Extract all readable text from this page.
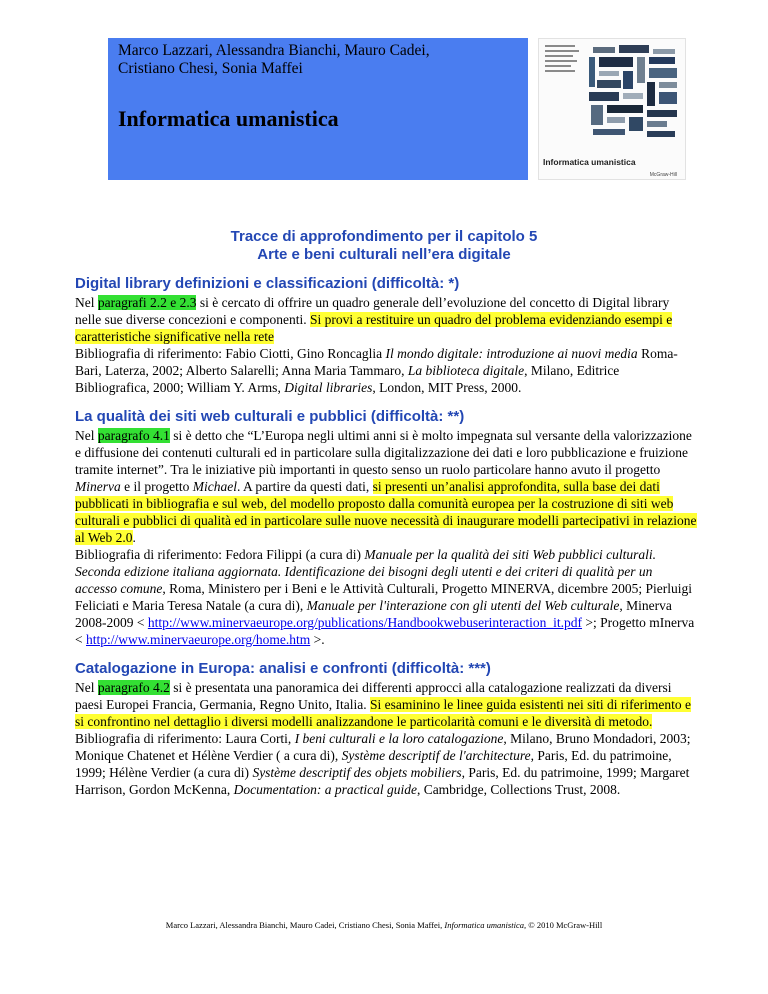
Marco Lazzari, Alessandra Bianchi, Mauro Cadei,
Cristiano Chesi, Sonia Maffei
Informatica umanistica
Informatica umanistica
McGraw-Hill
Tracce di approfondimento per il capitolo 5
Arte e beni culturali nell’era digitale
Digital library definizioni e classificazioni (difficoltà: *)

Nel paragrafi 2.2 e 2.3 si è cercato di offrire un quadro generale dell’evoluzione del concetto di Digital library nelle sue diverse concezioni e componenti. Si provi a restituire un quadro del problema evidenziando esempi e caratteristiche significative nella rete

Bibliografia di riferimento: Fabio Ciotti, Gino Roncaglia Il mondo digitale: introduzione ai nuovi media Roma-Bari, Laterza, 2002; Alberto Salarelli; Anna Maria Tammaro, La biblioteca digitale, Milano, Editrice Bibliografica, 2000; William Y. Arms, Digital libraries, London, MIT Press, 2000.

La qualità dei siti web culturali e pubblici (difficoltà: **)

Nel paragrafo 4.1 si è detto che “L’Europa negli ultimi anni si è molto impegnata sul versante della valorizzazione e diffusione dei contenuti culturali ed in particolare sulla digitalizzazione dei dati e loro pubblicazione e fruizione tramite internet”. Tra le iniziative più importanti in questo senso un ruolo particolare hanno avuto il progetto Minerva e il progetto Michael. A partire da questi dati, si presenti un’analisi approfondita, sulla base dei dati pubblicati in bibliografia e sul web, del modello proposto dalla comunità europea per la costruzione di siti web culturali e pubblici di qualità ed in particolare sulle nuove necessità di inaugurare modelli partecipativi in relazione al Web 2.0.

Bibliografia di riferimento: Fedora Filippi (a cura di) Manuale per la qualità dei siti Web pubblici culturali. Seconda edizione italiana aggiornata. Identificazione dei bisogni degli utenti e dei criteri di qualità per un accesso comune, Roma, Ministero per i Beni e le Attività Culturali, Progetto MINERVA, dicembre 2005; Pierluigi Feliciati e Maria Teresa Natale (a cura di), Manuale per l'interazione con gli utenti del Web culturale, Minerva 2008-2009 < http://www.minervaeurope.org/publications/Handbookwebuserinteraction_it.pdf >; Progetto mInerva < http://www.minervaeurope.org/home.htm >.

Catalogazione in Europa: analisi e confronti (difficoltà: ***)

Nel paragrafo 4.2 si è presentata una panoramica dei differenti approcci alla catalogazione realizzati da diversi paesi Europei Francia, Germania, Regno Unito, Italia. Si esaminino le linee guida esistenti nei siti di riferimento e si confrontino nel dettaglio i diversi modelli analizzandone le particolarità comuni e le diversità di metodo.

Bibliografia di riferimento: Laura Corti, I beni culturali e la loro catalogazione, Milano, Bruno Mondadori, 2003; Monique Chatenet et Hélène Verdier ( a cura di), Système descriptif de l'architecture, Paris, Ed. du patrimoine, 1999; Hélène Verdier (a cura di) Système descriptif des objets mobiliers, Paris, Ed. du patrimoine, 1999; Margaret Harrison, Gordon McKenna, Documentation: a practical guide, Cambridge, Collections Trust, 2008.

Marco Lazzari, Alessandra Bianchi, Mauro Cadei, Cristiano Chesi, Sonia Maffei, Informatica umanistica, © 2010 McGraw-Hill
